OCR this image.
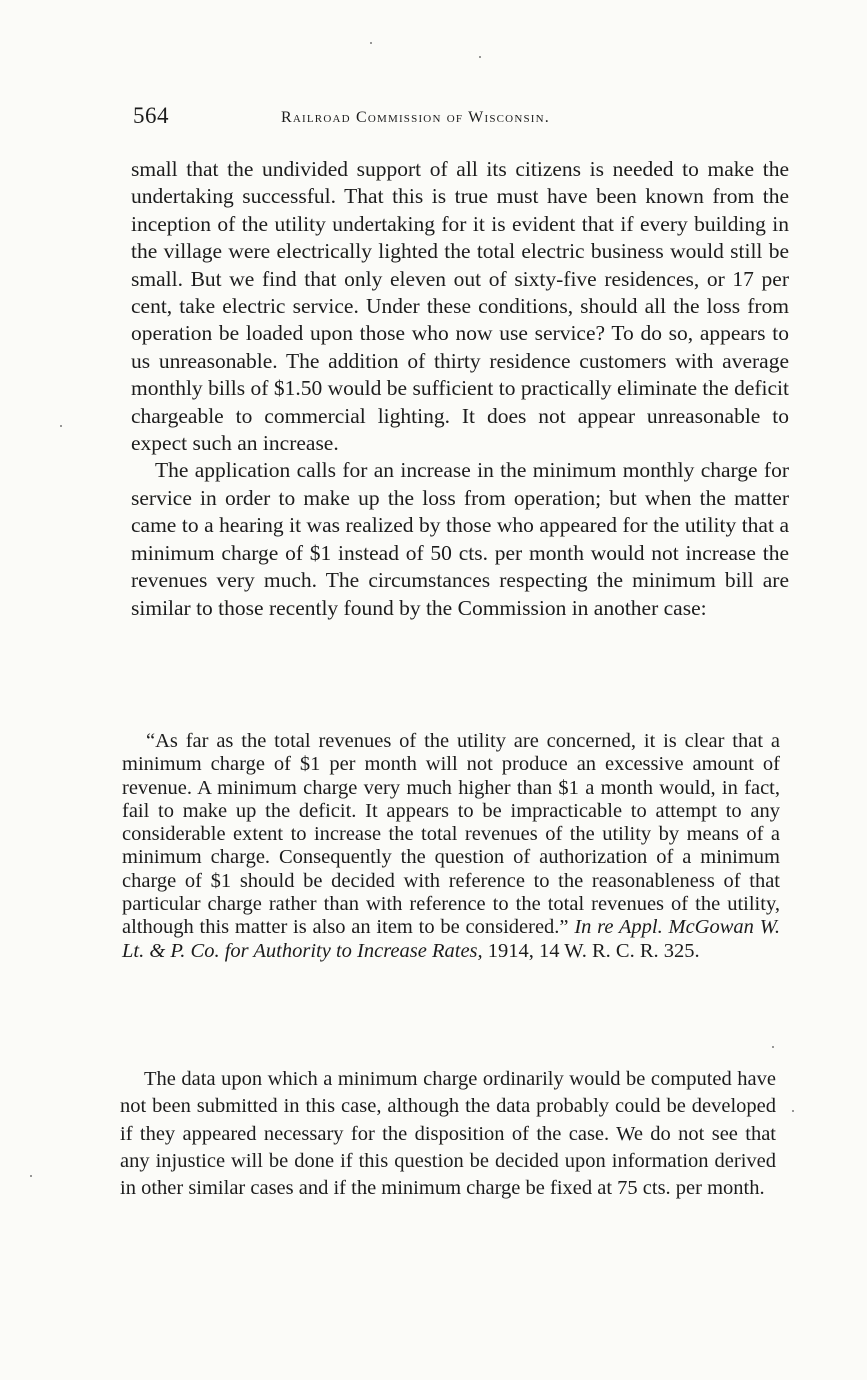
564	Railroad Commission of Wisconsin.

small that the undivided support of all its citizens is needed to make the undertaking successful. That this is true must have been known from the inception of the utility undertaking for it is evident that if every building in the village were electrically lighted the total electric business would still be small. But we find that only eleven out of sixty-five residences, or 17 per cent, take electric service. Under these conditions, should all the loss from operation be loaded upon those who now use service? To do so, appears to us unreasonable. The addition of thirty residence customers with average monthly bills of $1.50 would be sufficient to practically eliminate the deficit chargeable to commercial lighting. It does not appear unreasonable to expect such an increase.

The application calls for an increase in the minimum monthly charge for service in order to make up the loss from operation; but when the matter came to a hearing it was realized by those who appeared for the utility that a minimum charge of $1 instead of 50 cts. per month would not increase the revenues very much. The circumstances respecting the minimum bill are similar to those recently found by the Commission in another case:

“As far as the total revenues of the utility are concerned, it is clear that a minimum charge of $1 per month will not produce an excessive amount of revenue. A minimum charge very much higher than $1 a month would, in fact, fail to make up the deficit. It appears to be impracticable to attempt to any considerable extent to increase the total revenues of the utility by means of a minimum charge. Consequently the question of authorization of a minimum charge of $1 should be decided with reference to the reasonableness of that particular charge rather than with reference to the total revenues of the utility, although this matter is also an item to be considered.” In re Appl. McGowan W. Lt. & P. Co. for Authority to Increase Rates, 1914, 14 W. R. C. R. 325.

The data upon which a minimum charge ordinarily would be computed have not been submitted in this case, although the data probably could be developed if they appeared necessary for the disposition of the case. We do not see that any injustice will be done if this question be decided upon information derived in other similar cases and if the minimum charge be fixed at 75 cts. per month.
